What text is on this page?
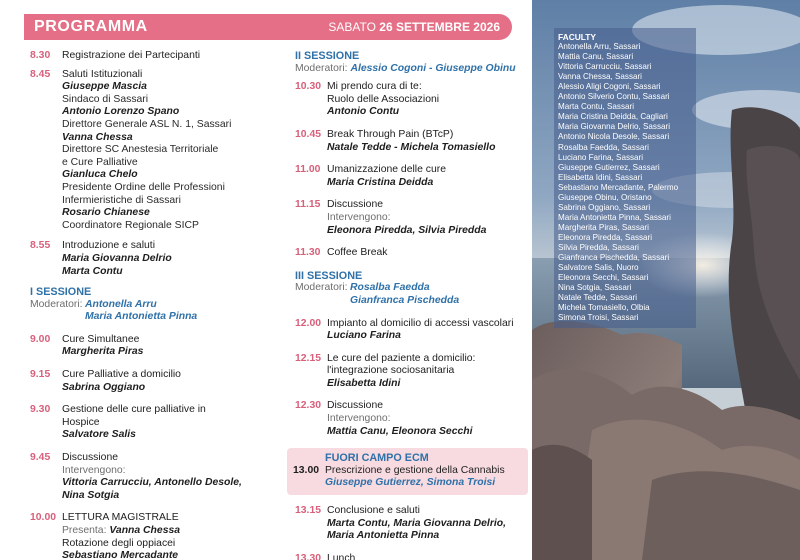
PROGRAMMA	SABATO 26 SETTEMBRE 2026
8.30	Registrazione dei Partecipanti
8.45	Saluti Istituzionali
Giuseppe Mascia
Sindaco di Sassari
Antonio Lorenzo Spano
Direttore Generale ASL N. 1, Sassari
Vanna Chessa
Direttore SC Anestesia Territoriale
e Cure Palliative
Gianluca Chelo
Presidente Ordine delle Professioni
Infermieristiche di Sassari
Rosario Chianese
Coordinatore Regionale SICP
8.55	Introduzione e saluti
Maria Giovanna Delrio
Marta Contu
I SESSIONE
Moderatori: Antonella Arru
Maria Antonietta Pinna
9.00	Cure Simultanee
Margherita Piras
9.15	Cure Palliative a domicilio
Sabrina Oggiano
9.30	Gestione delle cure palliative in
Hospice
Salvatore Salis
9.45	Discussione
Intervengono:
Vittoria Carrucciu, Antonello Desole,
Nina Sotgia
10.00 LETTURA MAGISTRALE
Presenta: Vanna Chessa
Rotazione degli oppiacei
Sebastiano Mercadante
II SESSIONE
Moderatori: Alessio Cogoni - Giuseppe Obinu
10.30 Mi prendo cura di te:
Ruolo delle Associazioni
Antonio Contu
10.45 Break Through Pain (BTcP)
Natale Tedde - Michela Tomasiello
11.00 Umanizzazione delle cure
Maria Cristina Deidda
11.15 Discussione
Intervengono:
Eleonora Piredda, Silvia Piredda
11.30 Coffee Break
III SESSIONE
Moderatori: Rosalba Faedda
Gianfranca Pischedda
12.00 Impianto al domicilio di accessi vascolari
Luciano Farina
12.15 Le cure del paziente a domicilio:
l'integrazione sociosanitaria
Elisabetta Idini
12.30 Discussione
Intervengono:
Mattia Canu, Eleonora Secchi
FUORI CAMPO ECM
13.00 Prescrizione e gestione della Cannabis
Giuseppe Gutierrez, Simona Troisi
13.15 Conclusione e saluti
Marta Contu, Maria Giovanna Delrio,
Maria Antonietta Pinna
13.30 Lunch
FACULTY
Antonella Arru, Sassari
Mattia Canu, Sassari
Vittoria Carrucciu, Sassari
Vanna Chessa, Sassari
Alessio Aligi Cogoni, Sassari
Antonio Silverio Contu, Sassari
Marta Contu, Sassari
Maria Cristina Deidda, Cagliari
Maria Giovanna Delrio, Sassari
Antonio Nicola Desole, Sassari
Rosalba Faedda, Sassari
Luciano Farina, Sassari
Giuseppe Gutierrez, Sassari
Elisabetta Idini, Sassari
Sebastiano Mercadante, Palermo
Giuseppe Obinu, Oristano
Sabrina Oggiano, Sassari
Maria Antonietta Pinna, Sassari
Margherita Piras, Sassari
Eleonora Piredda, Sassari
Silvia Piredda, Sassari
Gianfranca Pischedda, Sassari
Salvatore Salis, Nuoro
Eleonora Secchi, Sassari
Nina Sotgia, Sassari
Natale Tedde, Sassari
Michela Tomasiello, Olbia
Simona Troisi, Sassari
